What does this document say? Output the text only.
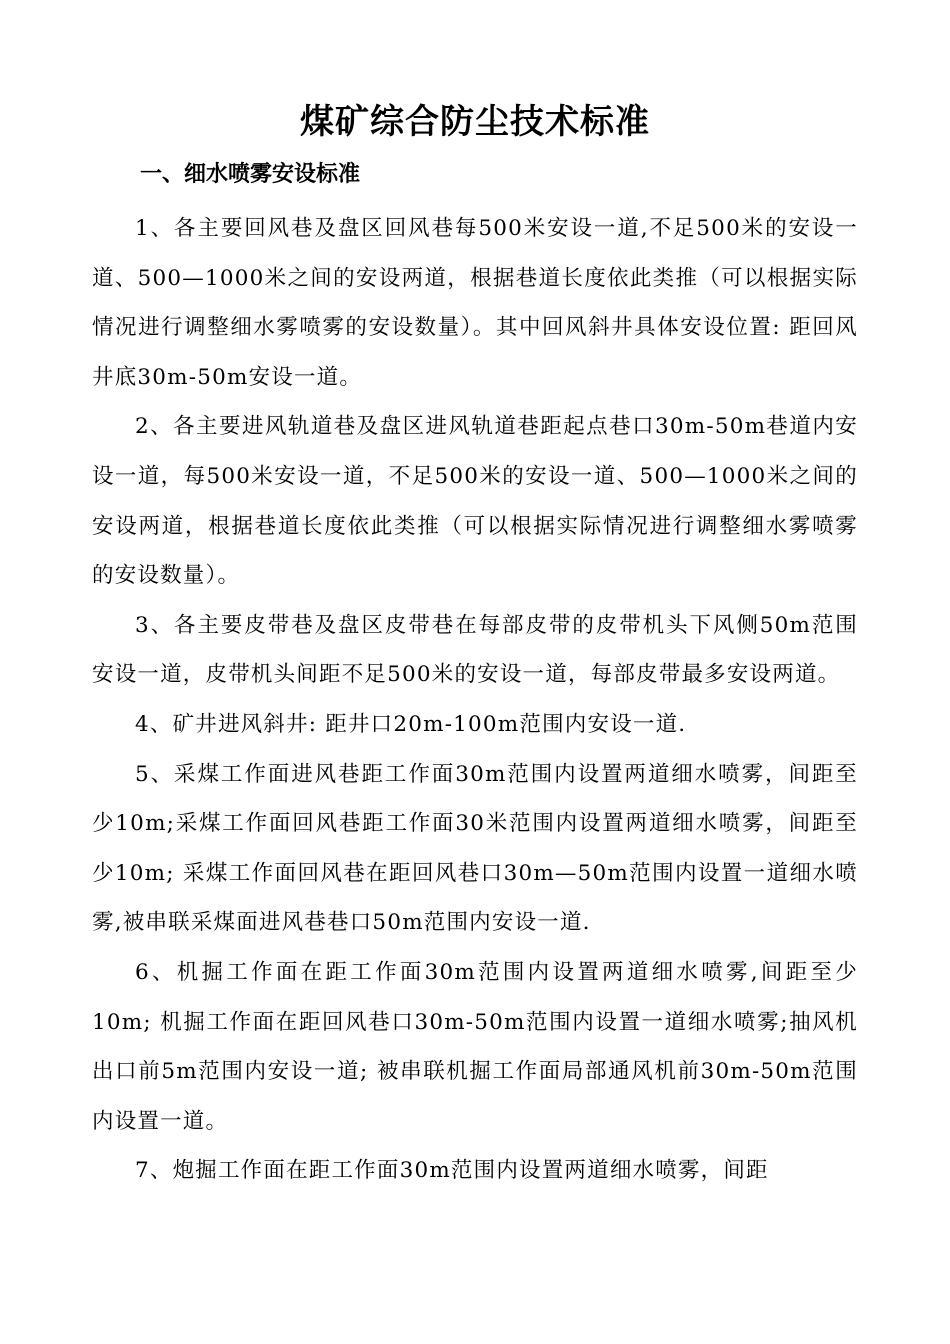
煤矿综合防尘技术标准
一、细水喷雾安设标准

1、各主要回风巷及盘区回风巷每500米安设一道,不足500米的安设一道、500—1000米之间的安设两道，根据巷道长度依此类推（可以根据实际情况进行调整细水雾喷雾的安设数量）。其中回风斜井具体安设位置: 距回风井底30m-50m安设一道。

2、各主要进风轨道巷及盘区进风轨道巷距起点巷口30m-50m巷道内安设一道，每500米安设一道，不足500米的安设一道、500—1000米之间的安设两道，根据巷道长度依此类推（可以根据实际情况进行调整细水雾喷雾的安设数量）。

3、各主要皮带巷及盘区皮带巷在每部皮带的皮带机头下风侧50m范围安设一道，皮带机头间距不足500米的安设一道，每部皮带最多安设两道。

4、矿井进风斜井: 距井口20m-100m范围内安设一道.

5、采煤工作面进风巷距工作面30m范围内设置两道细水喷雾，间距至少10m;采煤工作面回风巷距工作面30米范围内设置两道细水喷雾，间距至少10m; 采煤工作面回风巷在距回风巷口30m—50m范围内设置一道细水喷雾,被串联采煤面进风巷巷口50m范围内安设一道.

6、机掘工作面在距工作面30m范围内设置两道细水喷雾,间距至少10m; 机掘工作面在距回风巷口30m-50m范围内设置一道细水喷雾;抽风机出口前5m范围内安设一道; 被串联机掘工作面局部通风机前30m-50m范围内设置一道。

7、炮掘工作面在距工作面30m范围内设置两道细水喷雾，间距
